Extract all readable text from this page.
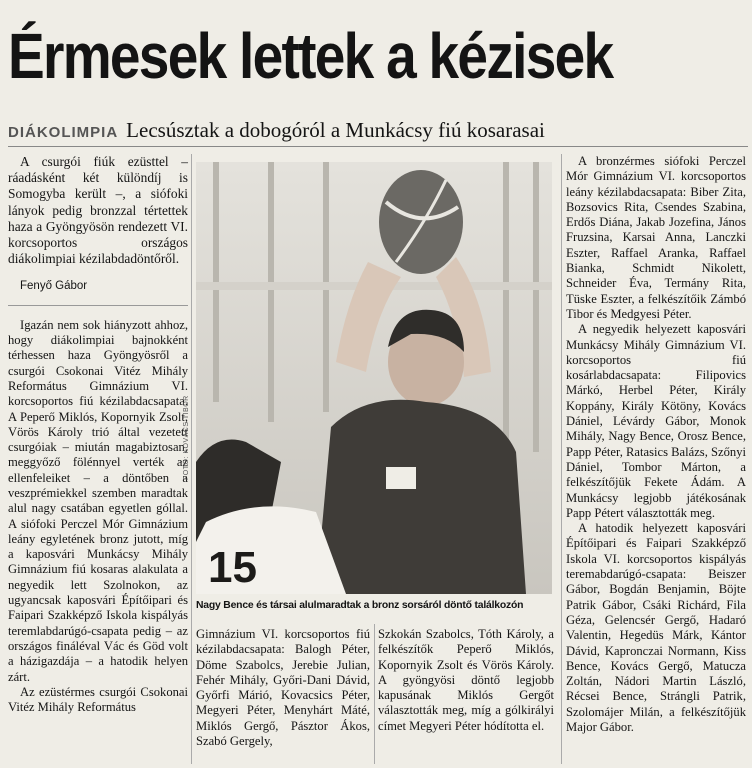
Érmesek lettek a kézisek
DIÁKOLIMPIA Lecsúsztak a dobogóról a Munkácsy fiú kosarasai

A csurgói fiúk ezüsttel – ráadásként két különdíj is Somogyba került –, a siófoki lányok pedig bronzzal tértettek haza a Gyöngyösön rendezett VI. korcsoportos országos diákolimpiai kézilabdadöntőről.

Fenyő Gábor

Igazán nem sok hiányzott ahhoz, hogy diákolimpiai bajnokként térhessen haza Gyöngyösről a csurgói Csokonai Vitéz Mihály Református Gimnázium VI. korcsoportos fiú kézilabdacsapata. A Peperő Miklós, Kopornyik Zsolt, Vörös Károly trió által vezetett csurgóiak – miután magabiztosan, meggyőző fölénnyel verték az ellenfeleiket – a döntőben a veszprémiekkel szemben maradtak alul nagy csatában egyetlen góllal. A siófoki Perczel Mór Gimnázium leány egyletének bronz jutott, míg a kaposvári Munkácsy Mihály Gimnázium fiú kosaras alakulata a negyedik lett Szolnokon, az ugyancsak kaposvári Építőipari és Faipari Szakképző Iskola kispályás teremlabdarúgó-csapata pedig – az országos fináléval Vác és Göd volt a házigazdája – a hatodik helyen zárt.

Az ezüstérmes csurgói Csokonai Vitéz Mihály Református

15
FOTÓ: KOVÁCS TIBOR
Nagy Bence és társai alulmaradtak a bronz sorsáról döntő találkozón

Gimnázium VI. korcsoportos fiú kézilabdacsapata: Balogh Péter, Döme Szabolcs, Jerebie Julian, Fehér Mihály, Győri-Dani Dávid, Győrfi Márió, Kovacsics Péter, Megyeri Péter, Menyhárt Máté, Miklós Gergő, Pásztor Ákos, Szabó Gergely,

Szkokán Szabolcs, Tóth Károly, a felkészítők Peperő Miklós, Kopornyik Zsolt és Vörös Károly. A gyöngyösi döntő legjobb kapusának Miklós Gergőt választották meg, míg a gólkirályi címet Megyeri Péter hódította el.

A bronzérmes siófoki Perczel Mór Gimnázium VI. korcsoportos leány kézilabdacsapata: Biber Zita, Bozsovics Rita, Csendes Szabina, Erdős Diána, Jakab Jozefina, János Fruzsina, Karsai Anna, Lanczki Eszter, Raffael Aranka, Raffael Bianka, Schmidt Nikolett, Schneider Éva, Termány Rita, Tüske Eszter, a felkészítőik Zámbó Tibor és Medgyesi Péter.

A negyedik helyezett kaposvári Munkácsy Mihály Gimnázium VI. korcsoportos fiú kosárlabdacsapata: Filipovics Márkó, Herbel Péter, Király Koppány, Király Kötöny, Kovács Dániel, Lévárdy Gábor, Monok Mihály, Nagy Bence, Orosz Bence, Papp Péter, Ratasics Balázs, Szőnyi Dániel, Tombor Márton, a felkészítőjük Fekete Ádám. A Munkácsy legjobb játékosának Papp Pétert választották meg.

A hatodik helyezett kaposvári Építőipari és Faipari Szakképző Iskola VI. korcsoportos kispályás teremabdarúgó-csapata: Beiszer Gábor, Bogdán Benjamin, Böjte Patrik Gábor, Csáki Richárd, Fila Géza, Gelencsér Gergő, Hadaró Valentin, Hegedüs Márk, Kántor Dávid, Kapronczai Normann, Kiss Bence, Kovács Gergő, Matucza Zoltán, Nádori Martin László, Récsei Bence, Strángli Patrik, Szolomájer Milán, a felkészítőjük Major Gábor.
